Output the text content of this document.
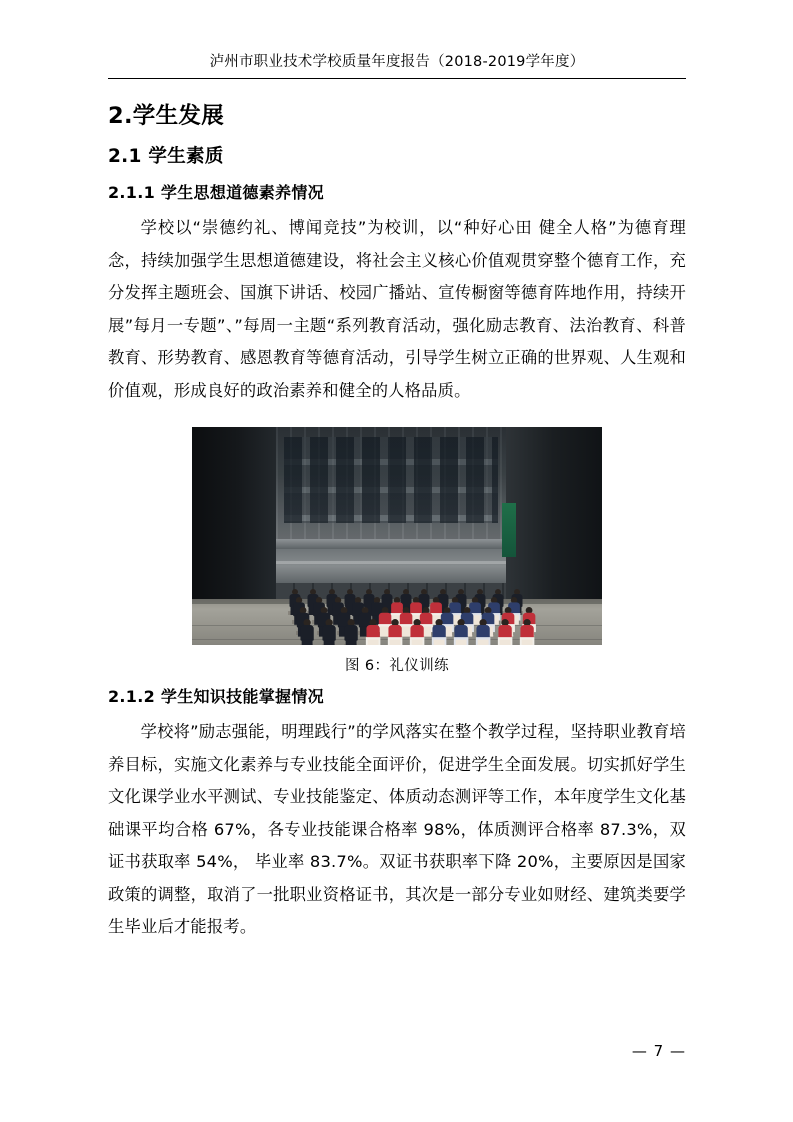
泸州市职业技术学校质量年度报告（2018-2019学年度）
2.学生发展
2.1 学生素质
2.1.1 学生思想道德素养情况

学校以“崇德约礼、博闻竞技”为校训，以“种好心田 健全人格”为德育理念，持续加强学生思想道德建设，将社会主义核心价值观贯穿整个德育工作，充分发挥主题班会、国旗下讲话、校园广播站、宣传橱窗等德育阵地作用，持续开展”每月一专题”、”每周一主题“系列教育活动，强化励志教育、法治教育、科普教育、形势教育、感恩教育等德育活动，引导学生树立正确的世界观、人生观和价值观，形成良好的政治素养和健全的人格品质。

图 6：礼仪训练
2.1.2 学生知识技能掌握情况

学校将”励志强能，明理践行”的学风落实在整个教学过程，坚持职业教育培养目标，实施文化素养与专业技能全面评价，促进学生全面发展。切实抓好学生文化课学业水平测试、专业技能鉴定、体质动态测评等工作，本年度学生文化基础课平均合格 67%，各专业技能课合格率 98%，体质测评合格率 87.3%，双证书获取率 54%， 毕业率 83.7%。双证书获职率下降 20%，主要原因是国家政策的调整，取消了一批职业资格证书，其次是一部分专业如财经、建筑类要学生毕业后才能报考。

— 7 —
